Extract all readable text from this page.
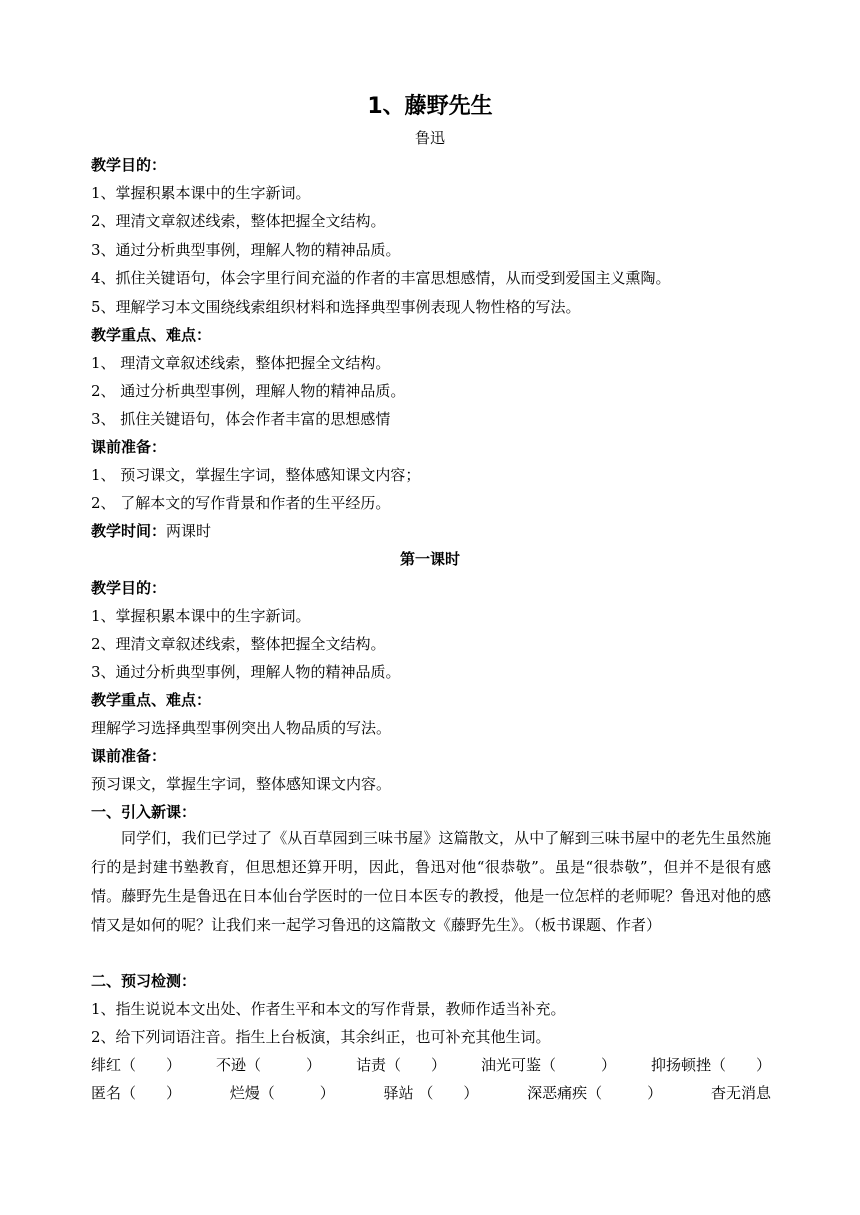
1、藤野先生
鲁迅
教学目的：
1、掌握积累本课中的生字新词。
2、理清文章叙述线索，整体把握全文结构。
3、通过分析典型事例，理解人物的精神品质。
4、抓住关键语句，体会字里行间充溢的作者的丰富思想感情，从而受到爱国主义熏陶。
5、理解学习本文围绕线索组织材料和选择典型事例表现人物性格的写法。
教学重点、难点：
1、 理清文章叙述线索，整体把握全文结构。
2、 通过分析典型事例，理解人物的精神品质。
3、 抓住关键语句，体会作者丰富的思想感情
课前准备：
1、 预习课文，掌握生字词，整体感知课文内容；
2、 了解本文的写作背景和作者的生平经历。
教学时间：两课时
第一课时
教学目的：
1、掌握积累本课中的生字新词。
2、理清文章叙述线索，整体把握全文结构。
3、通过分析典型事例，理解人物的精神品质。
教学重点、难点：
理解学习选择典型事例突出人物品质的写法。
课前准备：
预习课文，掌握生字词，整体感知课文内容。
一、引入新课：
同学们，我们已学过了《从百草园到三味书屋》这篇散文，从中了解到三味书屋中的老先生虽然施行的是封建书塾教育，但思想还算开明，因此，鲁迅对他“很恭敬”。虽是“很恭敬”，但并不是很有感情。藤野先生是鲁迅在日本仙台学医时的一位日本医专的教授，他是一位怎样的老师呢？鲁迅对他的感情又是如何的呢？让我们来一起学习鲁迅的这篇散文《藤野先生》。（板书课题、作者）
二、预习检测：
1、指生说说本文出处、作者生平和本文的写作背景，教师作适当补充。
2、给下列词语注音。指生上台板演，其余纠正，也可补充其他生词。
绯红（　　） 不逊（　　　） 诘责（　　） 油光可鉴（　　　） 抑扬顿挫（　　）
匿名（　　）	烂熳（　　　）	驿站 （　　）	深恶痛疾（　　　）	杳无消息
